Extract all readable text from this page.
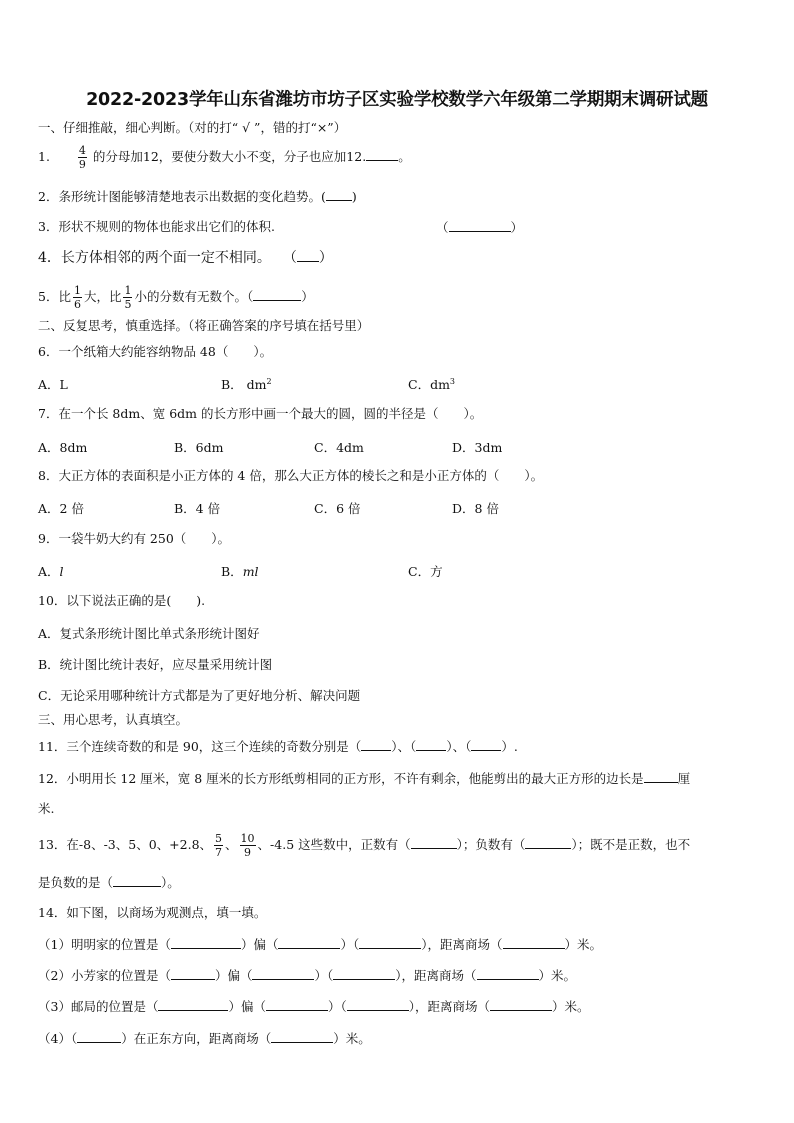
2022-2023学年山东省潍坊市坊子区实验学校数学六年级第二学期期末调研试题
一、仔细推敲，细心判断。（对的打“ √ ”，错的打“×”）
1.	$\frac{4}{9}$ 的分母加12，要使分数大小不变，分子也应加12.	。
2．条形统计图能够清楚地表示出数据的变化趋势。( )
3．形状不规则的物体也能求出它们的体积.	（	）
4．长方体相邻的两个面一定不相同。 （ ）
5．比 $\frac{1}{6}$ 大，比 $\frac{1}{5}$ 小的分数有无数个。（	）
二、反复思考，慎重选择。（将正确答案的序号填在括号里）
6．一个纸箱大约能容纳物品 48（　　）。
A．L	B． $dm^2$	C．$dm^3$
7．在一个长 8dm、宽 6dm 的长方形中画一个最大的圆，圆的半径是（　　）。
A．8dm	B．6dm	C．4dm	D．3dm
8．大正方体的表面积是小正方体的 4 倍，那么大正方体的棱长之和是小正方体的（　　）。
A．2 倍	B．4 倍	C．6 倍	D．8 倍
9．一袋牛奶大约有 250（　　）。
A．l	B．ml	C．方
10．以下说法正确的是(　　).
A．复式条形统计图比单式条形统计图好
B．统计图比统计表好，应尽量采用统计图
C．无论采用哪种统计方式都是为了更好地分析、解决问题
三、用心思考，认真填空。
11．三个连续奇数的和是 90，这三个连续的奇数分别是（ ）、（ ）、（ ）.
12．小明用长 12 厘米，宽 8 厘米的长方形纸剪相同的正方形，不许有剩余，他能剪出的最大正方形的边长是	厘
米.
13．在-8、-3、5、0、+2.8、 $\frac{5}{7}$ 、 $\frac{10}{9}$ 、-4.5 这些数中，正数有（	）；负数有（	）；既不是正数，也不
是负数的是（	）。
14．如下图，以商场为观测点，填一填。
（1）明明家的位置是（	）偏（	）（	），距离商场（	）米。
（2）小芳家的位置是（	）偏（	）（	），距离商场（	）米。
（3）邮局的位置是（	）偏（	）（	），距离商场（	）米。
（4）（	）在正东方向，距离商场（	）米。
